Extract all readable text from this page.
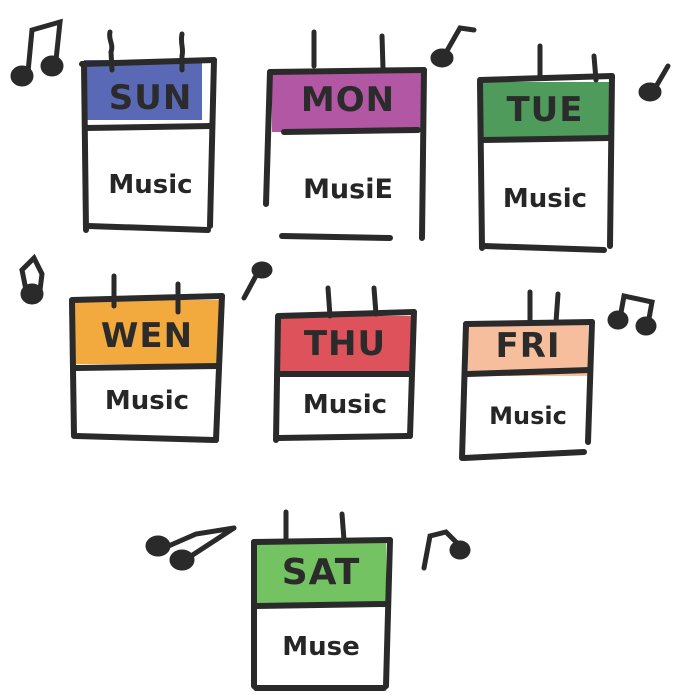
SUN
Music
MON
MusiE
TUE
Music
WEN
Music
THU
Music
FRI
Music
SAT
Muse
